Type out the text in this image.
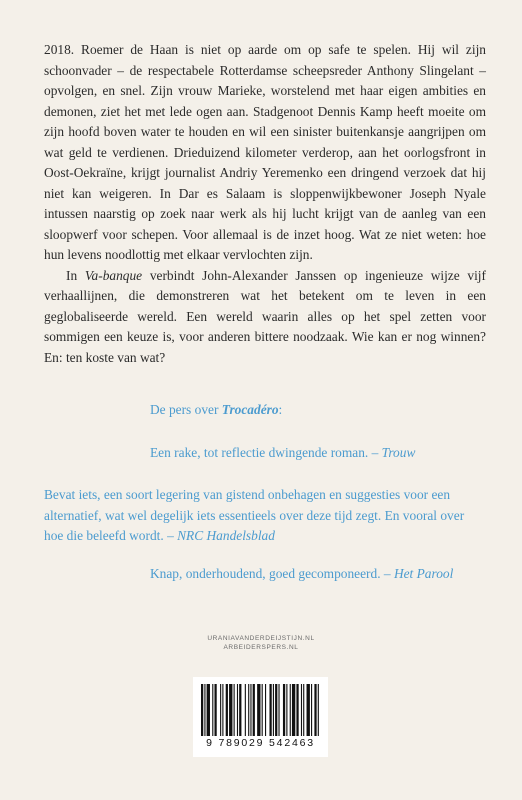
2018. Roemer de Haan is niet op aarde om op safe te spelen. Hij wil zijn schoonvader – de respectabele Rotterdamse scheepsreder Anthony Slingelant – opvolgen, en snel. Zijn vrouw Marieke, worstelend met haar eigen ambities en demonen, ziet het met lede ogen aan. Stadgenoot Dennis Kamp heeft moeite om zijn hoofd boven water te houden en wil een sinister buitenkansje aangrijpen om wat geld te verdienen. Drieduizend kilometer verderop, aan het oorlogsfront in Oost-Oekraïne, krijgt journalist Andriy Yeremenko een dringend verzoek dat hij niet kan weigeren. In Dar es Salaam is sloppenwijkbewoner Joseph Nyale intussen naarstig op zoek naar werk als hij lucht krijgt van de aanleg van een sloopwerf voor schepen. Voor allemaal is de inzet hoog. Wat ze niet weten: hoe hun levens noodlottig met elkaar vervlochten zijn.

In Va-banque verbindt John-Alexander Janssen op ingenieuze wijze vijf verhaallijnen, die demonstreren wat het betekent om te leven in een geglobaliseerde wereld. Een wereld waarin alles op het spel zetten voor sommigen een keuze is, voor anderen bittere noodzaak. Wie kan er nog winnen? En: ten koste van wat?

De pers over Trocadéro:
Een rake, tot reflectie dwingende roman. – Trouw
Bevat iets, een soort legering van gistend onbehagen en suggesties voor een alternatief, wat wel degelijk iets essentieels over deze tijd zegt. En vooral over hoe die beleefd wordt. – NRC Handelsblad
Knap, onderhoudend, goed gecomponeerd. – Het Parool
URANIAVANDERDEIJSTIJN.NL
ARBEIDERSPERS.NL
9 789029 542463
